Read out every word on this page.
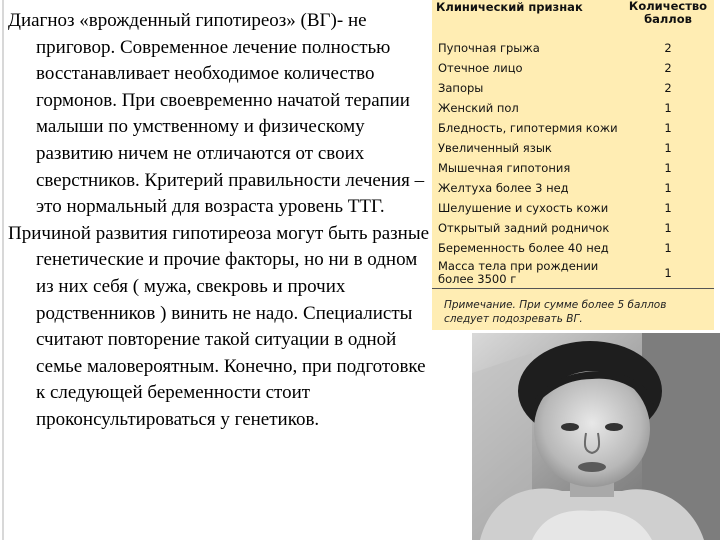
Диагноз «врожденный гипотиреоз» (ВГ)- не приговор. Современное лечение полностью восстанавливает необходимое количество гормонов. При своевременно начатой терапии малыши по умственному и физическому развитию ничем не отличаются от своих сверстников. Критерий правильности лечения – это нормальный для возраста уровень ТТГ.

Причиной развития гипотиреоза могут быть разные генетические и прочие факторы, но ни в одном из них себя ( мужа, свекровь и прочих родственников ) винить не надо. Специалисты считают повторение такой ситуации в одной семье маловероятным. Конечно, при подготовке к следующей беременности стоит проконсультироваться у генетиков.

Клинический признак	Количество баллов
Пупочная грыжа	2
Отечное лицо	2
Запоры	2
Женский пол	1
Бледность, гипотермия кожи	1
Увеличенный язык	1
Мышечная гипотония	1
Желтуха более 3 нед	1
Шелушение и сухость кожи	1
Открытый задний родничок	1
Беременность более 40 нед	1
Масса тела при рождении более 3500 г	1
Примечание. При сумме более 5 баллов следует подозревать ВГ.
